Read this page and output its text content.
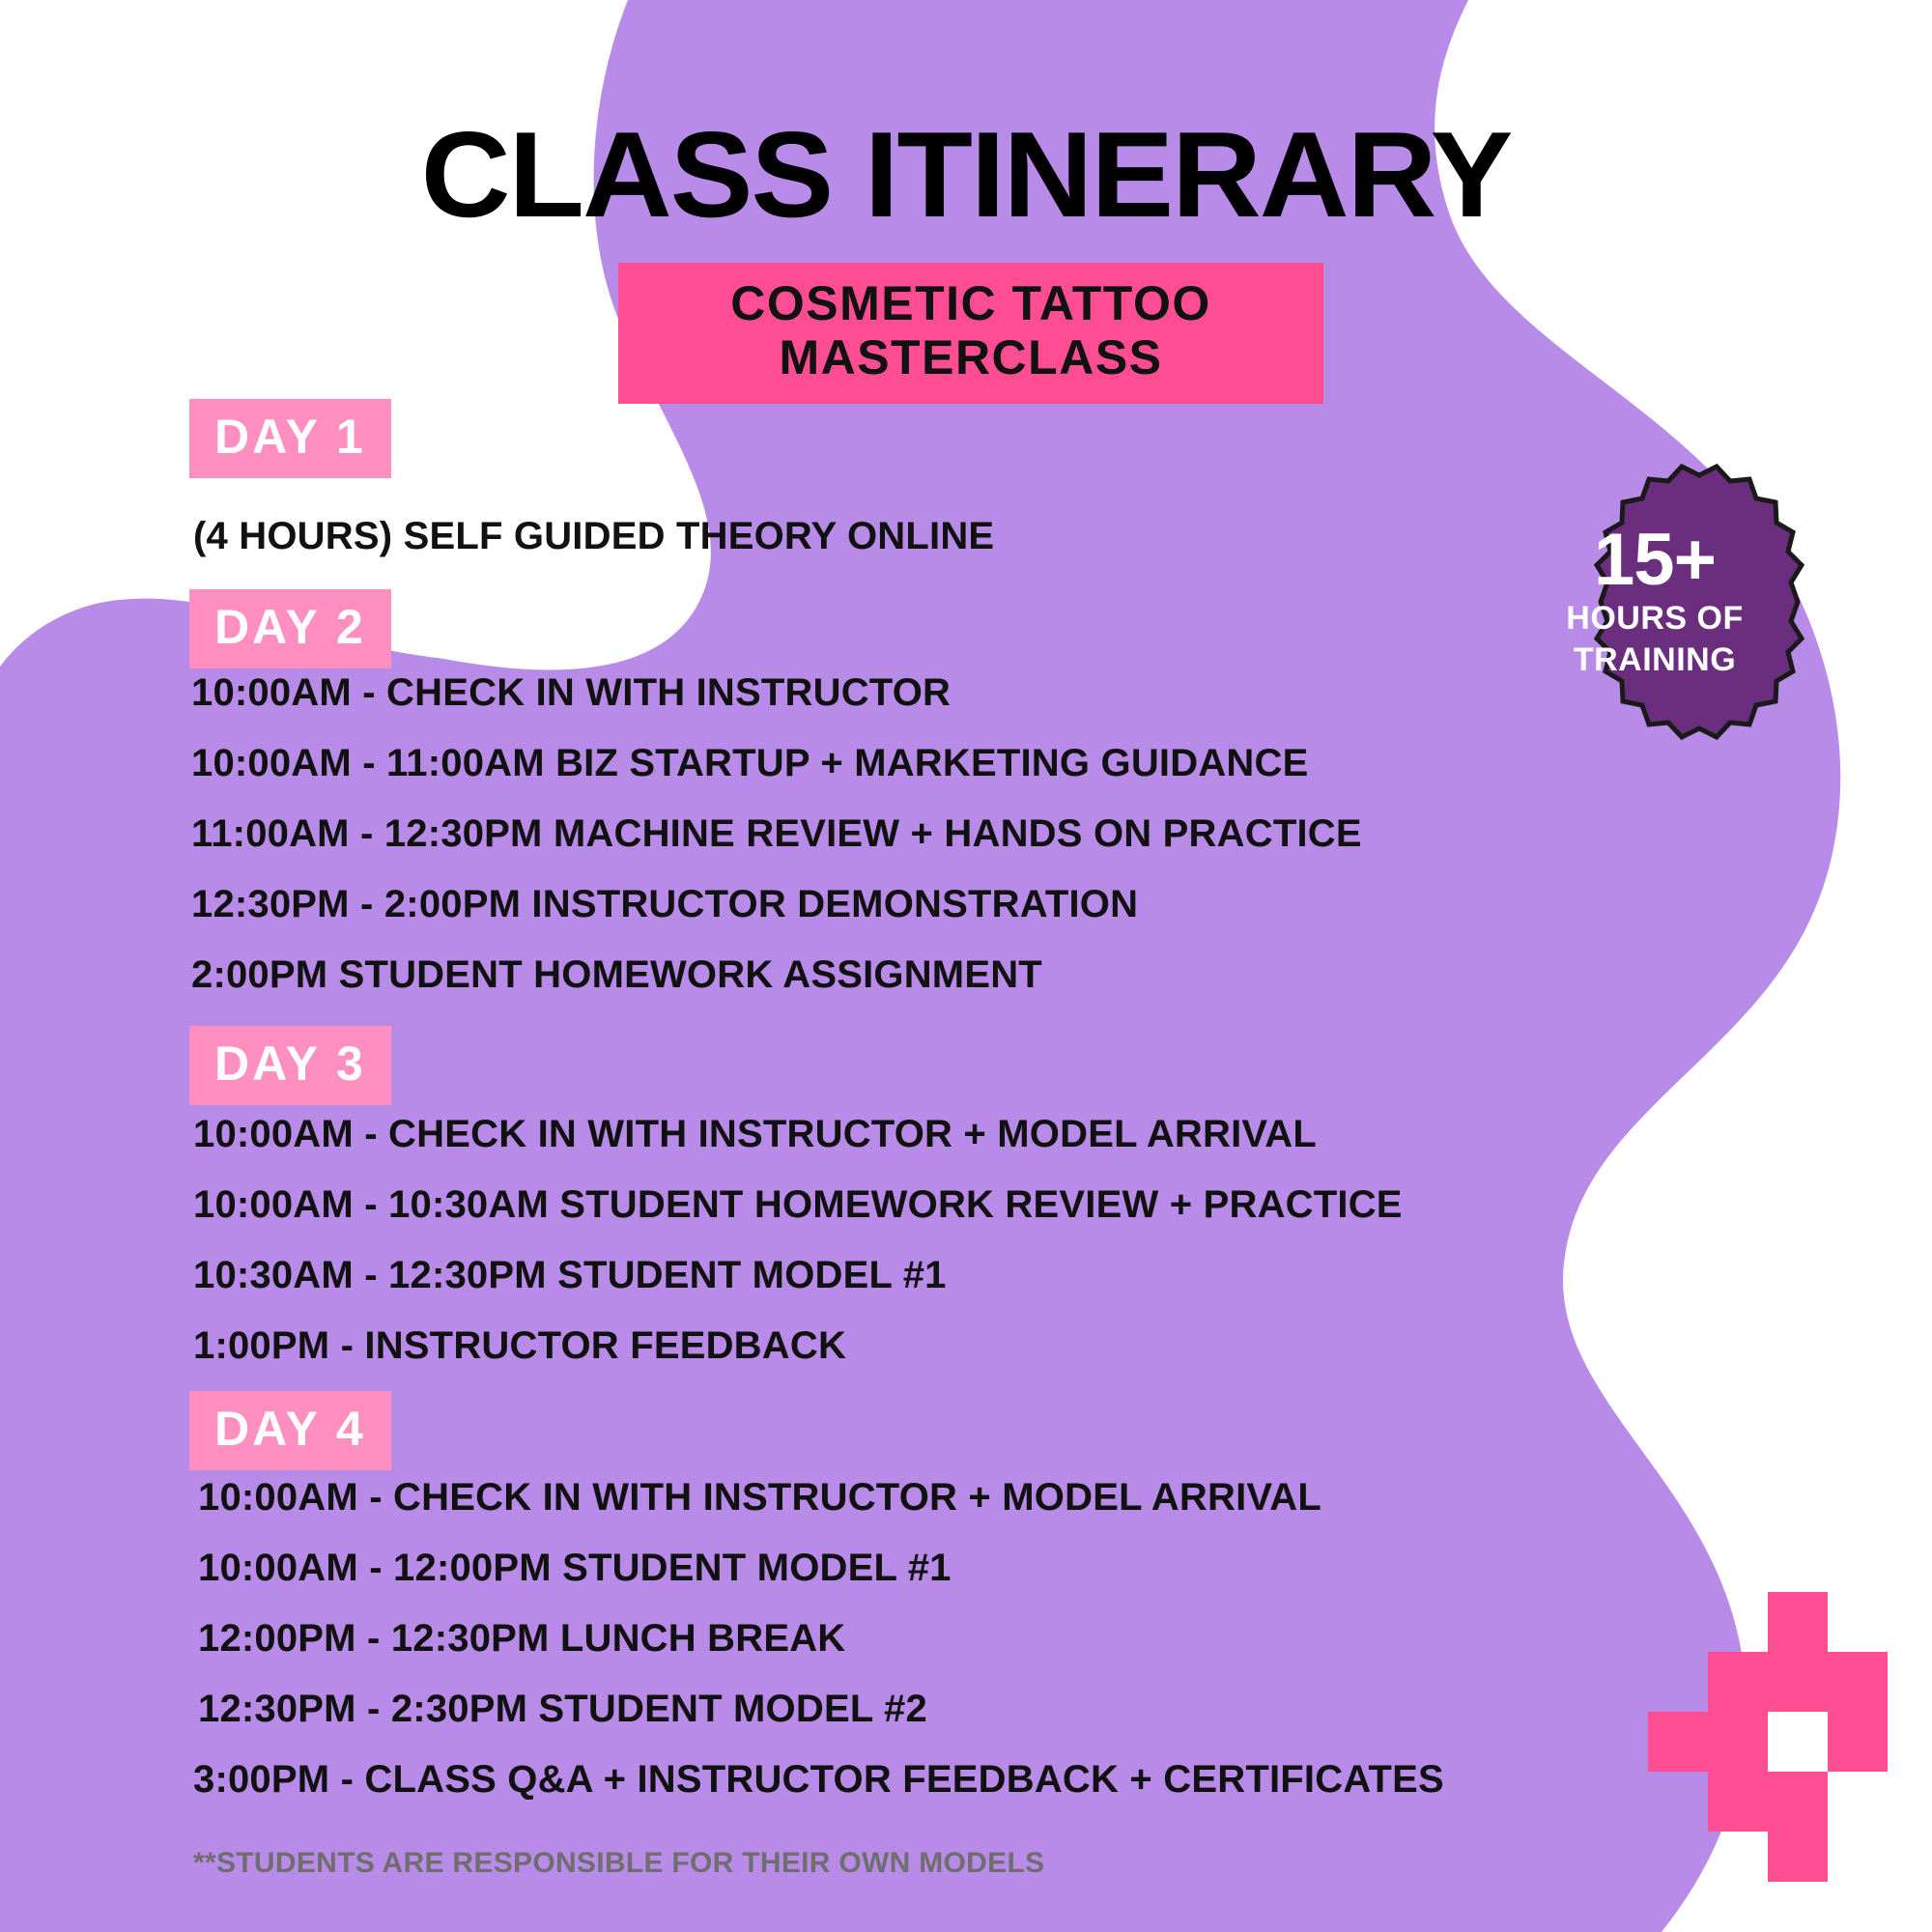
CLASS ITINERARY
COSMETIC TATTOO
MASTERCLASS
DAY 1
(4 HOURS) SELF GUIDED THEORY ONLINE
DAY 2
10:00AM - CHECK IN WITH INSTRUCTOR
10:00AM - 11:00AM BIZ STARTUP + MARKETING GUIDANCE
11:00AM - 12:30PM MACHINE REVIEW + HANDS ON PRACTICE
12:30PM - 2:00PM INSTRUCTOR DEMONSTRATION
2:00PM STUDENT HOMEWORK ASSIGNMENT
DAY 3
10:00AM - CHECK IN WITH INSTRUCTOR + MODEL ARRIVAL
10:00AM - 10:30AM STUDENT HOMEWORK REVIEW + PRACTICE
10:30AM - 12:30PM STUDENT MODEL #1
1:00PM - INSTRUCTOR FEEDBACK
DAY 4
10:00AM - CHECK IN WITH INSTRUCTOR + MODEL ARRIVAL
10:00AM - 12:00PM STUDENT MODEL #1
12:00PM - 12:30PM LUNCH BREAK
12:30PM - 2:30PM STUDENT MODEL #2
3:00PM - CLASS Q&A + INSTRUCTOR FEEDBACK + CERTIFICATES
**STUDENTS ARE RESPONSIBLE FOR THEIR OWN MODELS
15+
HOURS OF
TRAINING
